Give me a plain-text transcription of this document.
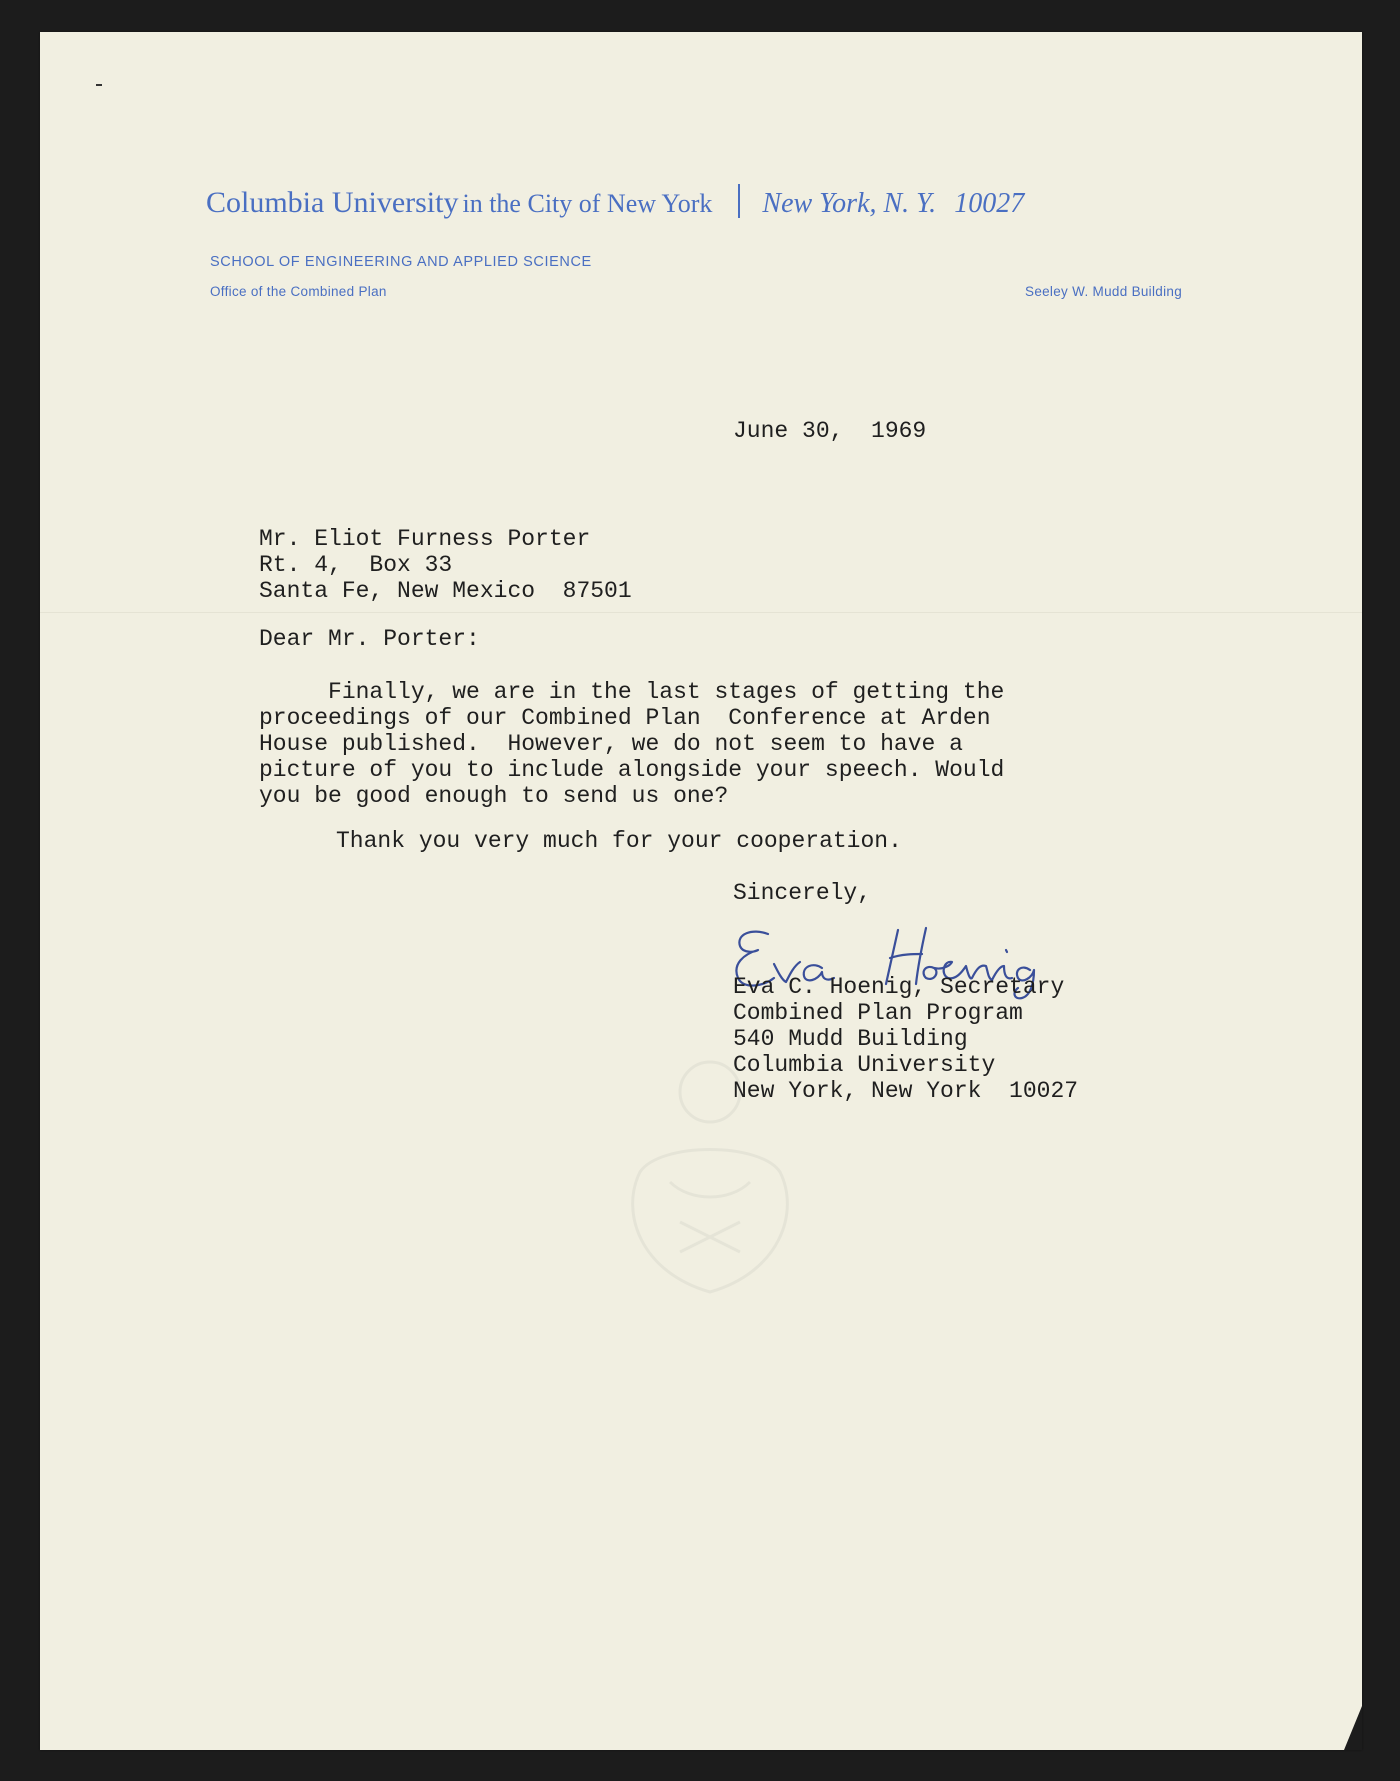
Columbia University in the City of New York New York, N. Y. 10027
SCHOOL OF ENGINEERING AND APPLIED SCIENCE
Office of the Combined Plan	Seeley W. Mudd Building
June 30,  1969
Mr. Eliot Furness Porter
Rt. 4,  Box 33
Santa Fe, New Mexico  87501
Dear Mr. Porter:
Finally, we are in the last stages of getting the
proceedings of our Combined Plan  Conference at Arden
House published.  However, we do not seem to have a
picture of you to include alongside your speech. Would
you be good enough to send us one?
Thank you very much for your cooperation.
Sincerely,
Eva C. Hoenig, Secretary
Combined Plan Program
540 Mudd Building
Columbia University
New York, New York  10027
